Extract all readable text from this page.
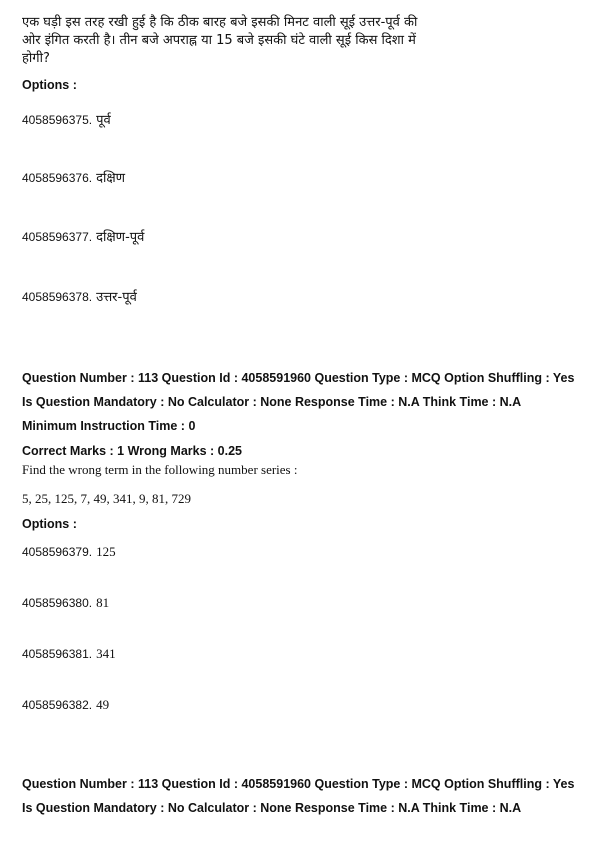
एक घड़ी इस तरह रखी हुई है कि ठीक बारह बजे इसकी मिनट वाली सूई उत्तर-पूर्व की
ओर इंगित करती है। तीन बजे अपराह्न या 15 बजे इसकी घंटे वाली सूई किस दिशा में
होगी?
Options :
4058596375. पूर्व
4058596376. दक्षिण
4058596377. दक्षिण-पूर्व
4058596378. उत्तर-पूर्व
Question Number : 113 Question Id : 4058591960 Question Type : MCQ Option Shuffling : Yes
Is Question Mandatory : No Calculator : None Response Time : N.A Think Time : N.A
Minimum Instruction Time : 0
Correct Marks : 1 Wrong Marks : 0.25
Find the wrong term in the following number series :
5, 25, 125, 7, 49, 341, 9, 81, 729
Options :
4058596379. 125
4058596380. 81
4058596381. 341
4058596382. 49
Question Number : 113 Question Id : 4058591960 Question Type : MCQ Option Shuffling : Yes
Is Question Mandatory : No Calculator : None Response Time : N.A Think Time : N.A
